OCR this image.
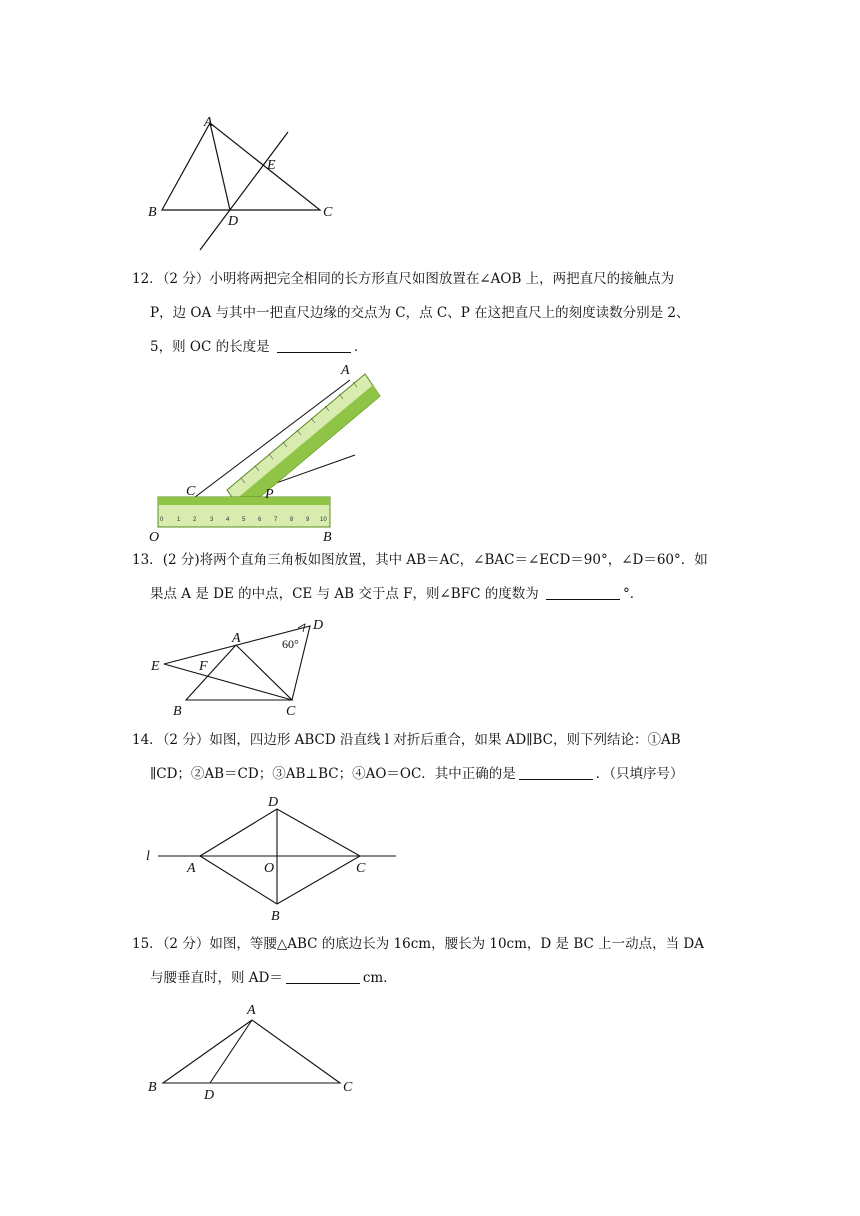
A
B	C
D
E
12．（2 分）小明将两把完全相同的长方形直尺如图放置在∠AOB 上，两把直尺的接触点为
P，边 OA 与其中一把直尺边缘的交点为 C，点 C、P 在这把直尺上的刻度读数分别是 2、
5，则 OC 的长度是	．
0 1 2 3 4 5 6 7 8 9 10
A
C	P
O	B
13．(2 分)将两个直角三角板如图放置，其中 AB＝AC，∠BAC＝∠ECD＝90°，∠D＝60°．如
果点 A 是 DE 的中点，CE 与 AB 交于点 F，则∠BFC 的度数为	°．
A
D
60°
E	F
B	C
14．（2 分）如图，四边形 ABCD 沿直线 l 对折后重合，如果 AD∥BC，则下列结论：①AB
∥CD；②AB＝CD；③AB⊥BC；④AO＝OC．其中正确的是	．（只填序号）
l
D
A	O	C
B
15．（2 分）如图，等腰△ABC 的底边长为 16cm，腰长为 10cm，D 是 BC 上一动点，当 DA
与腰垂直时，则 AD＝	cm．
A
B
D
C
